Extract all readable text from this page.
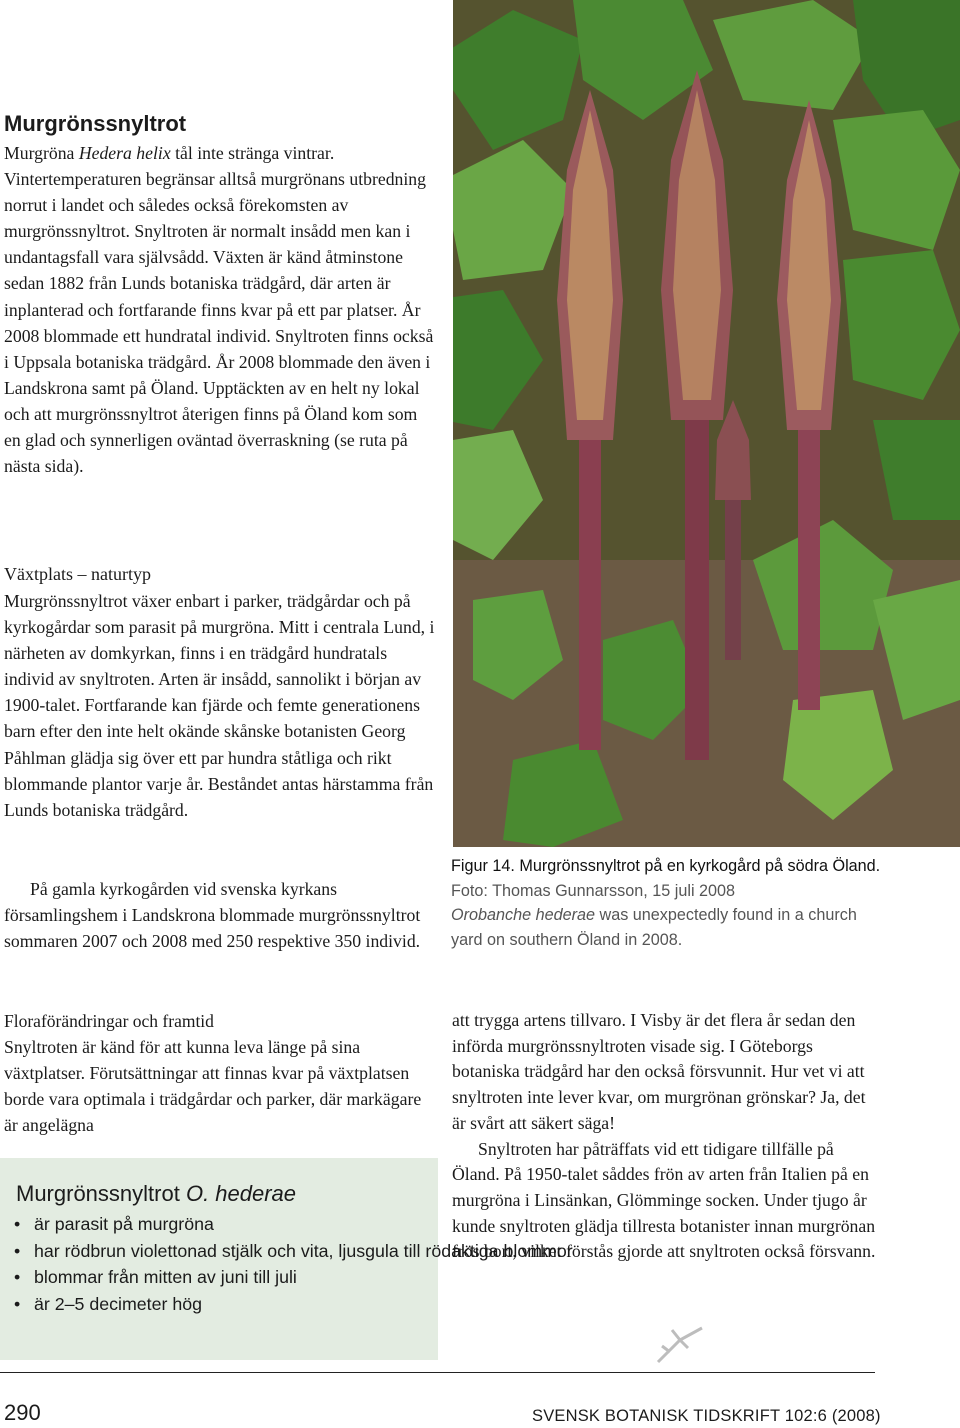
Murgrönssnyltrot

Murgröna Hedera helix tål inte stränga vintrar. Vintertemperaturen begränsar alltså murgrönans utbredning norrut i landet och således också förekomsten av murgrönssnyltrot. Snyltroten är normalt insådd men kan i undantagsfall vara självsådd. Växten är känd åtminstone sedan 1882 från Lunds botaniska trädgård, där arten är inplanterad och fortfarande finns kvar på ett par platser. År 2008 blommade ett hundratal individ. Snyltroten finns också i Uppsala botaniska trädgård. År 2008 blommade den även i Landskrona samt på Öland. Upptäckten av en helt ny lokal och att murgrönssnyltrot återigen finns på Öland kom som en glad och synnerligen oväntad överraskning (se ruta på nästa sida).

Växtplats – naturtyp

Murgrönssnyltrot växer enbart i parker, trädgårdar och på kyrkogårdar som parasit på murgröna. Mitt i centrala Lund, i närheten av domkyrkan, finns i en trädgård hundratals individ av snyltroten. Arten är insådd, sannolikt i början av 1900-talet. Fortfarande kan fjärde och femte generationens barn efter den inte helt okände skånske botanisten Georg Påhlman glädja sig över ett par hundra ståtliga och rikt blommande plantor varje år. Beståndet antas härstamma från Lunds botaniska trädgård.

På gamla kyrkogården vid svenska kyrkans församlingshem i Landskrona blommade murgrönssnyltrot sommaren 2007 och 2008 med 250 respektive 350 individ.

Floraförändringar och framtid

Snyltroten är känd för att kunna leva länge på sina växtplatser. Förutsättningar att finnas kvar på växtplatsen borde vara optimala i trädgårdar och parker, där markägare är angelägna

Murgrönssnyltrot O. hederae
• är parasit på murgröna
• har rödbrun violettonad stjälk och vita, ljusgula till rödaktiga blommor
• blommar från mitten av juni till juli
• är 2–5 decimeter hög
Figur 14. Murgrönssnyltrot på en kyrkogård på södra Öland. Foto: Thomas Gunnarsson, 15 juli 2008
Orobanche hederae was unexpectedly found in a church yard on southern Öland in 2008.

att trygga artens tillvaro. I Visby är det flera år sedan den införda murgrönssnyltroten visade sig. I Göteborgs botaniska trädgård har den också försvunnit. Hur vet vi att snyltroten inte lever kvar, om murgrönan grönskar? Ja, det är svårt att säkert säga!

Snyltroten har påträffats vid ett tidigare tillfälle på Öland. På 1950-talet såddes frön av arten från Italien på en murgröna i Linsänkan, Glömminge socken. Under tjugo år kunde snyltroten glädja tillresta botanister innan murgrönan frös bort, vilket förstås gjorde att snyltroten också försvann.

290	SVENSK BOTANISK TIDSKRIFT 102:6 (2008)
